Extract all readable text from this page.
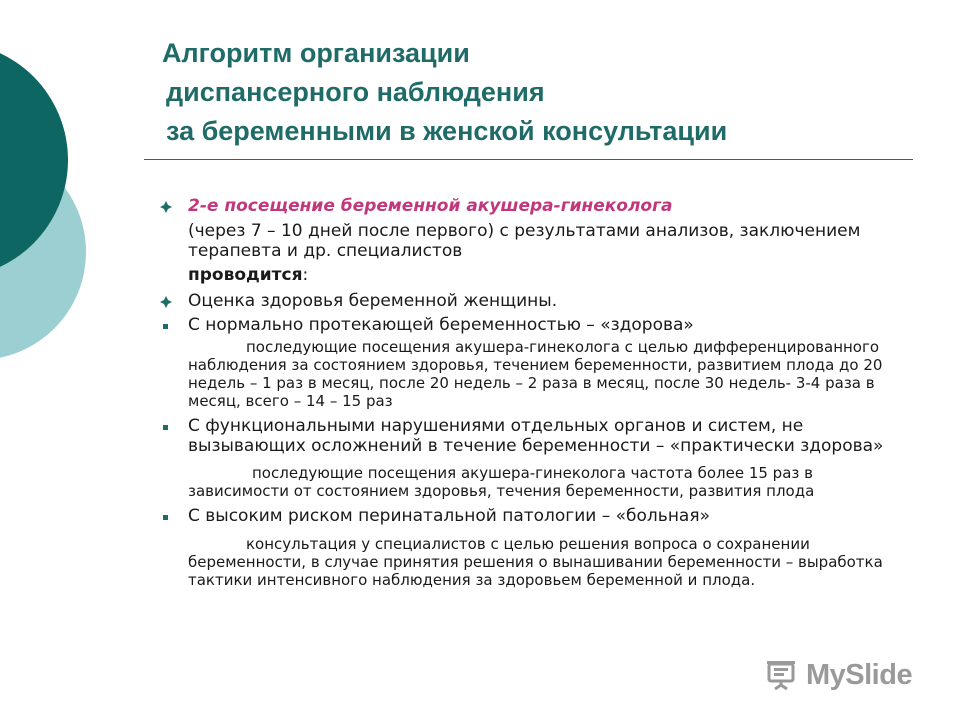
Алгоритм организации
диспансерного наблюдения
за беременными в женской консультации
2-е посещение беременной акушера-гинеколога
(через 7 – 10 дней после первого) с результатами анализов, заключением терапевта и др. специалистов
проводится:
Оценка здоровья беременной женщины.
С нормально протекающей беременностью – «здорова»
последующие посещения акушера-гинеколога с целью дифференцированного наблюдения за состоянием здоровья, течением беременности, развитием плода до 20 недель – 1 раз в месяц, после 20 недель – 2 раза в месяц, после 30 недель- 3-4 раза в месяц, всего – 14 – 15 раз
С функциональными нарушениями отдельных органов и систем, не вызывающих осложнений в течение беременности – «практически здорова»
последующие посещения акушера-гинеколога частота более 15 раз в зависимости от состоянием здоровья, течения беременности, развития плода
С высоким риском перинатальной патологии – «больная»
консультация у специалистов с целью решения вопроса о сохранении беременности, в случае принятия решения о вынашивании беременности – выработка тактики интенсивного наблюдения за здоровьем беременной и плода.
MySlide
